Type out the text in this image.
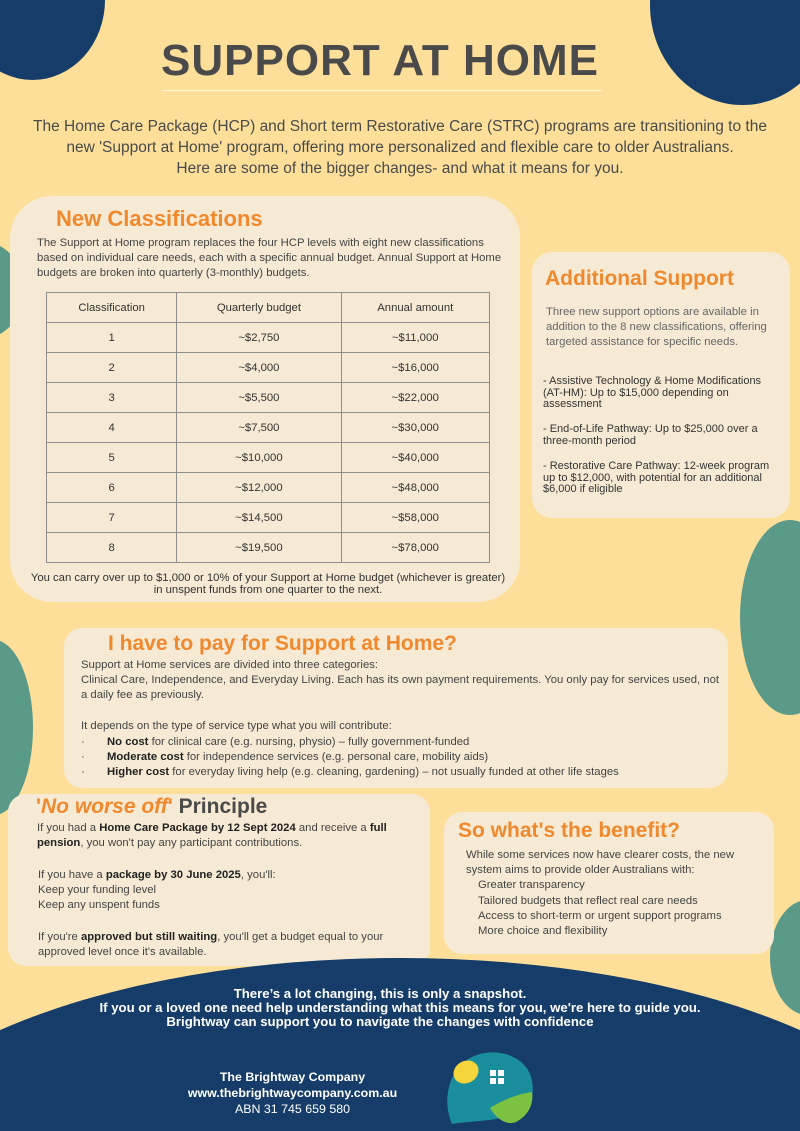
SUPPORT AT HOME
The Home Care Package (HCP) and Short term Restorative Care (STRC) programs are transitioning to the
new 'Support at Home' program, offering more personalized and flexible care to older Australians.
Here are some of the bigger changes- and what it means for you.
New Classifications
The Support at Home program replaces the four HCP levels with eight new classifications based on individual care needs, each with a specific annual budget. Annual Support at Home budgets are broken into quarterly (3-monthly) budgets.
Classification	Quarterly budget	Annual amount
1	~$2,750	~$11,000
2	~$4,000	~$16,000
3	~$5,500	~$22,000
4	~$7,500	~$30,000
5	~$10,000	~$40,000
6	~$12,000	~$48,000
7	~$14,500	~$58,000
8	~$19,500	~$78,000
You can carry over up to $1,000 or 10% of your Support at Home budget (whichever is greater) in unspent funds from one quarter to the next.
Additional Support
Three new support options are available in addition to the 8 new classifications, offering targeted assistance for specific needs.
- Assistive Technology & Home Modifications (AT-HM): Up to $15,000 depending on assessment
- End-of-Life Pathway: Up to $25,000 over a three-month period
- Restorative Care Pathway: 12-week program up to $12,000, with potential for an additional $6,000 if eligible
I have to pay for Support at Home?
Support at Home services are divided into three categories:
Clinical Care, Independence, and Everyday Living. Each has its own payment requirements. You only pay for services used, not a daily fee as previously.
It depends on the type of service type what you will contribute:
· No cost for clinical care (e.g. nursing, physio) – fully government-funded
· Moderate cost for independence services (e.g. personal care, mobility aids)
· Higher cost for everyday living help (e.g. cleaning, gardening) – not usually funded at other life stages
'No worse off' Principle
If you had a Home Care Package by 12 Sept 2024 and receive a full pension, you won't pay any participant contributions.
If you have a package by 30 June 2025, you'll:
Keep your funding level
Keep any unspent funds
If you're approved but still waiting, you'll get a budget equal to your approved level once it's available.
So what's the benefit?
While some services now have clearer costs, the new system aims to provide older Australians with:
Greater transparency
Tailored budgets that reflect real care needs
Access to short-term or urgent support programs
More choice and flexibility
There’s a lot changing, this is only a snapshot.
If you or a loved one need help understanding what this means for you, we're here to guide you.
Brightway can support you to navigate the changes with confidence
The Brightway Company
www.thebrightwaycompany.com.au
ABN 31 745 659 580
